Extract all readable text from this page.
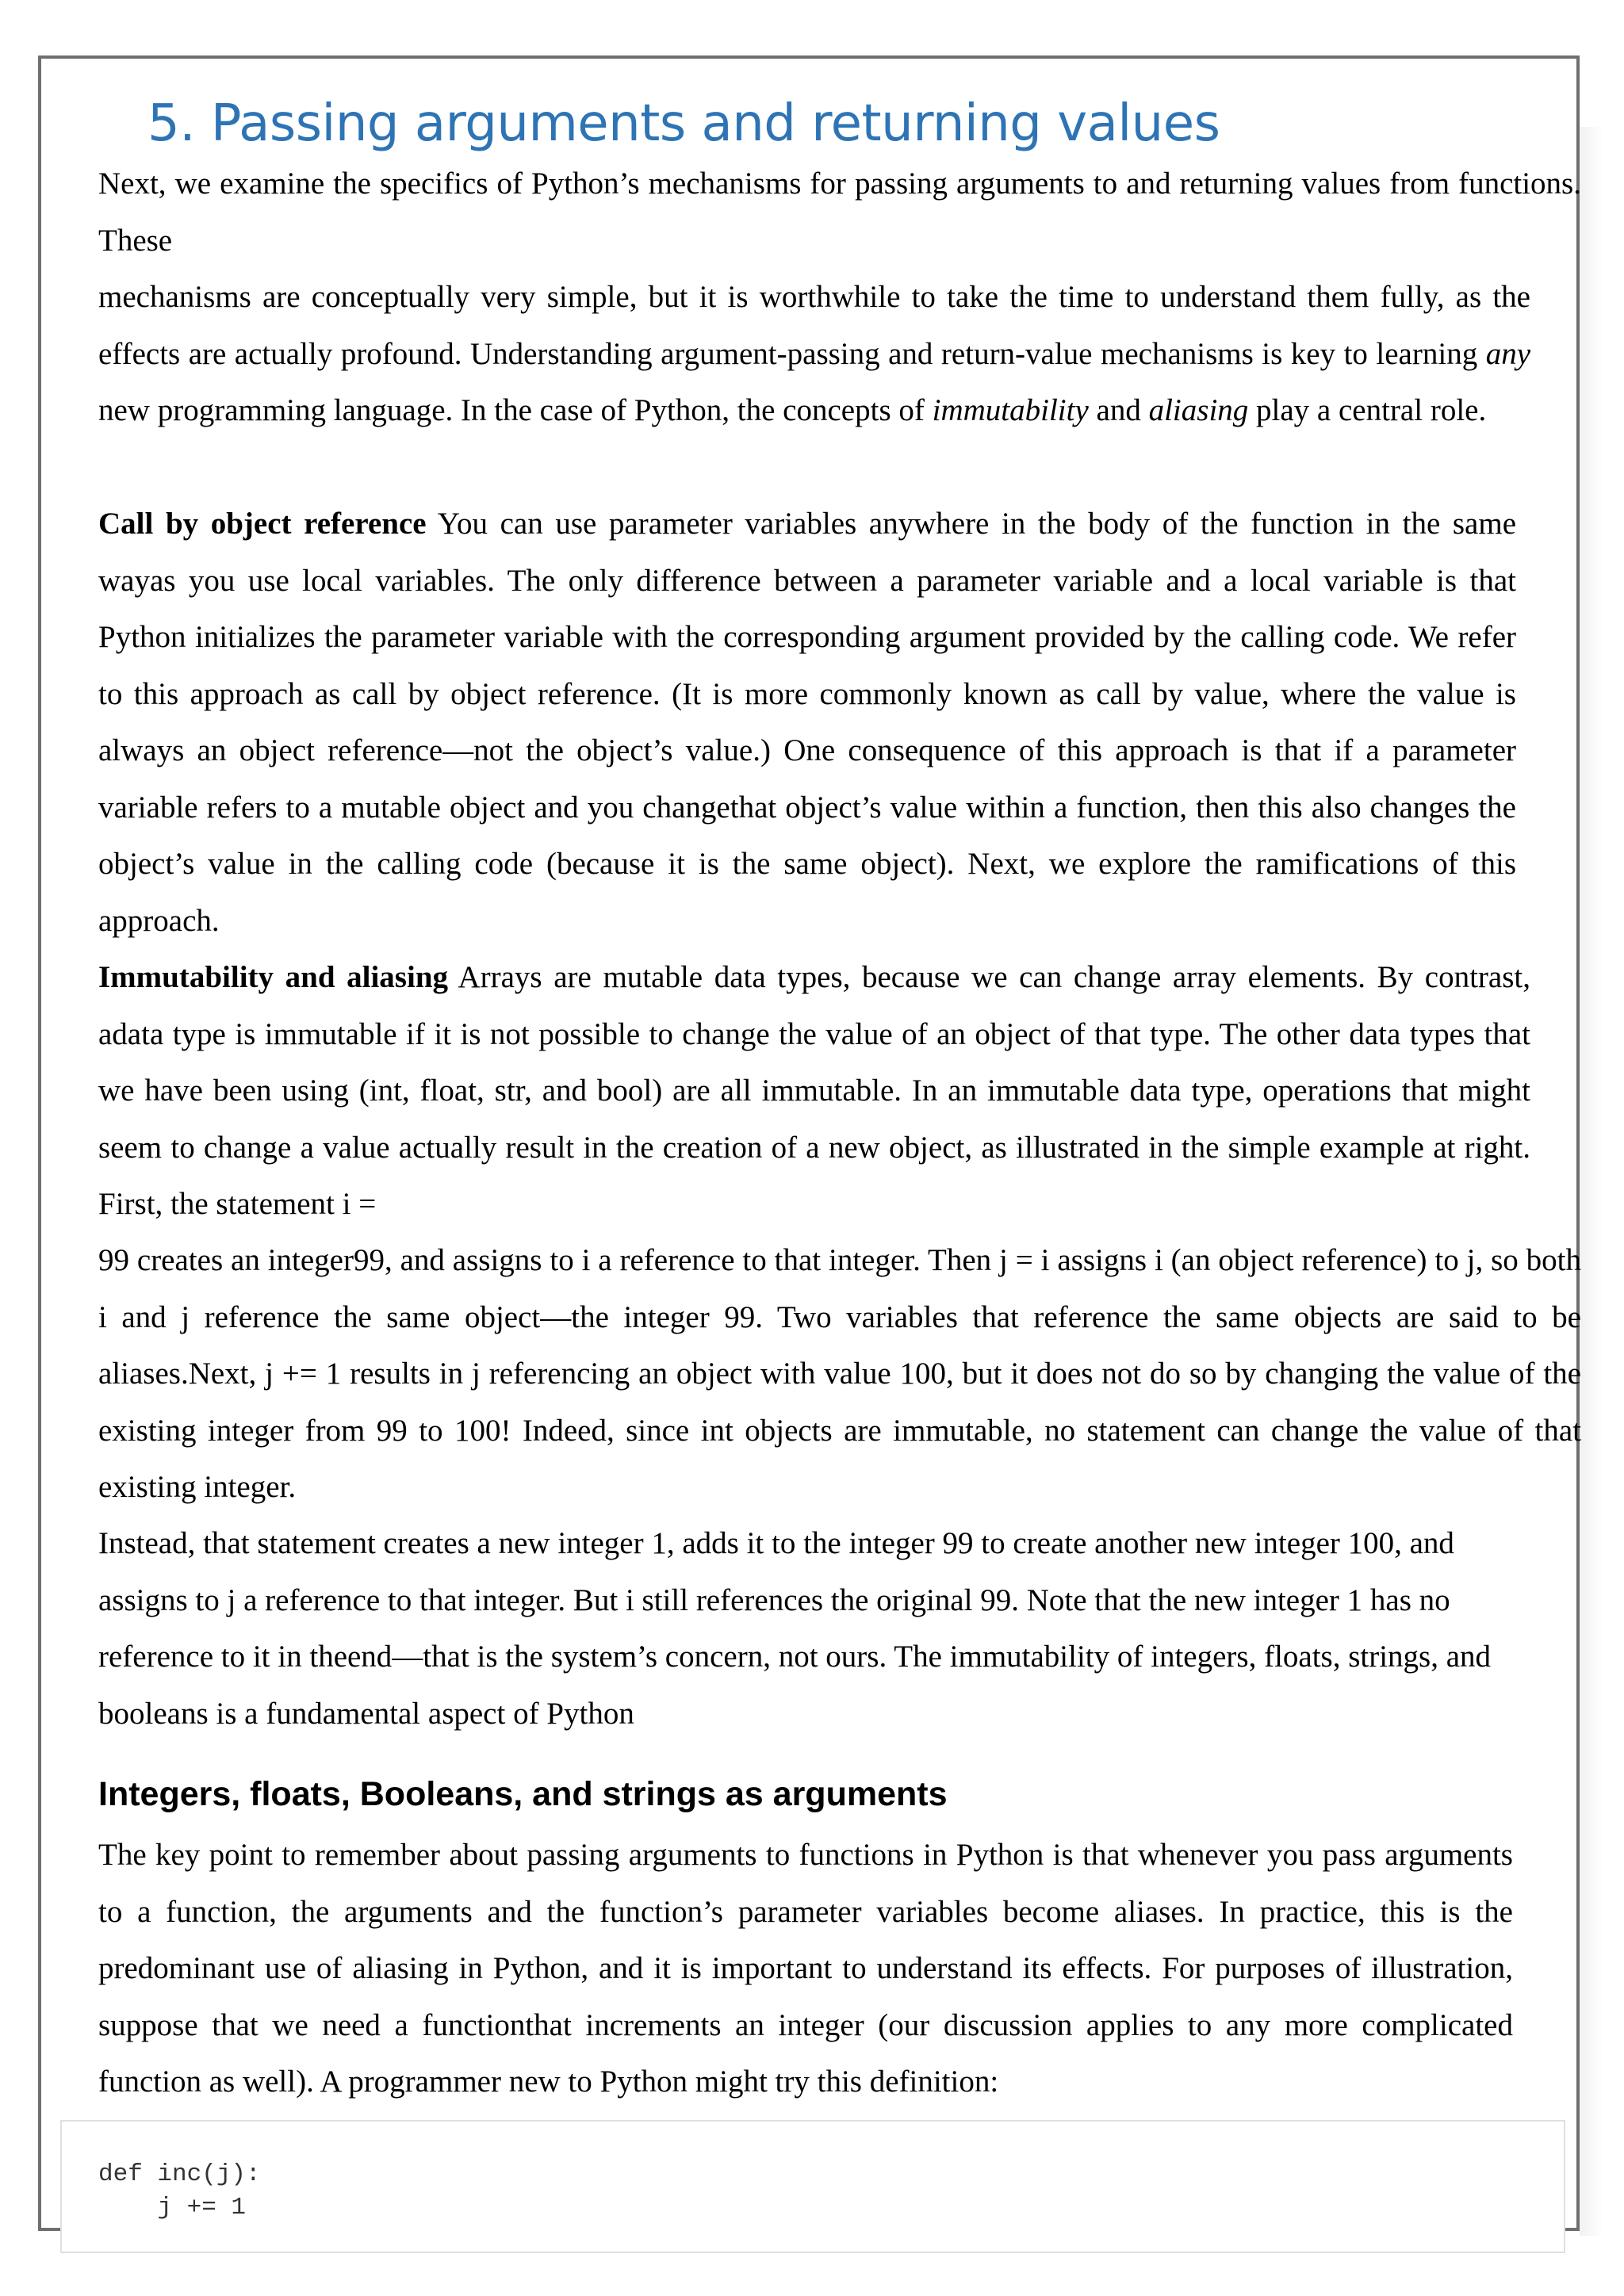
5. Passing arguments and returning values

Next, we examine the specifics of Python’s mechanisms for passing arguments to and returning values from functions. These

mechanisms are conceptually very simple, but it is worthwhile to take the time to understand them fully, as the effects are actually profound. Understanding argument-passing and return-value mechanisms is key to learning any new programming language. In the case of Python, the concepts of immutability and aliasing play a central role.

Call by object reference You can use parameter variables anywhere in the body of the function in the same wayas you use local variables. The only difference between a parameter variable and a local variable is that Python initializes the parameter variable with the corresponding argument provided by the calling code. We refer to this approach as call by object reference. (It is more commonly known as call by value, where the value is always an object reference—not the object’s value.) One consequence of this approach is that if a parameter variable refers to a mutable object and you changethat object’s value within a function, then this also changes the object’s value in the calling code (because it is the same object). Next, we explore the ramifications of this approach.

Immutability and aliasing Arrays are mutable data types, because we can change array elements. By contrast, adata type is immutable if it is not possible to change the value of an object of that type. The other data types that we have been using (int, float, str, and bool) are all immutable. In an immutable data type, operations that might seem to change a value actually result in the creation of a new object, as illustrated in the simple example at right. First, the statement i =

99 creates an integer99, and assigns to i a reference to that integer. Then j = i assigns i (an object reference) to j, so both i and j reference the same object—the integer 99. Two variables that reference the same objects are said to be aliases.Next, j += 1 results in j referencing an object with value 100, but it does not do so by changing the value of the existing integer from 99 to 100! Indeed, since int objects are immutable, no statement can change the value of that existing integer.

Instead, that statement creates a new integer 1, adds it to the integer 99 to create another new integer 100, and assigns to j a reference to that integer. But i still references the original 99. Note that the new integer 1 has no reference to it in theend—that is the system’s concern, not ours. The immutability of integers, floats, strings, and booleans is a fundamental aspect of Python

Integers, floats, Booleans, and strings as arguments

The key point to remember about passing arguments to functions in Python is that whenever you pass arguments to a function, the arguments and the function’s parameter variables become aliases. In practice, this is the predominant use of aliasing in Python, and it is important to understand its effects. For purposes of illustration, suppose that we need a functionthat increments an integer (our discussion applies to any more complicated function as well). A programmer new to Python might try this definition:

def inc(j):
j += 1
